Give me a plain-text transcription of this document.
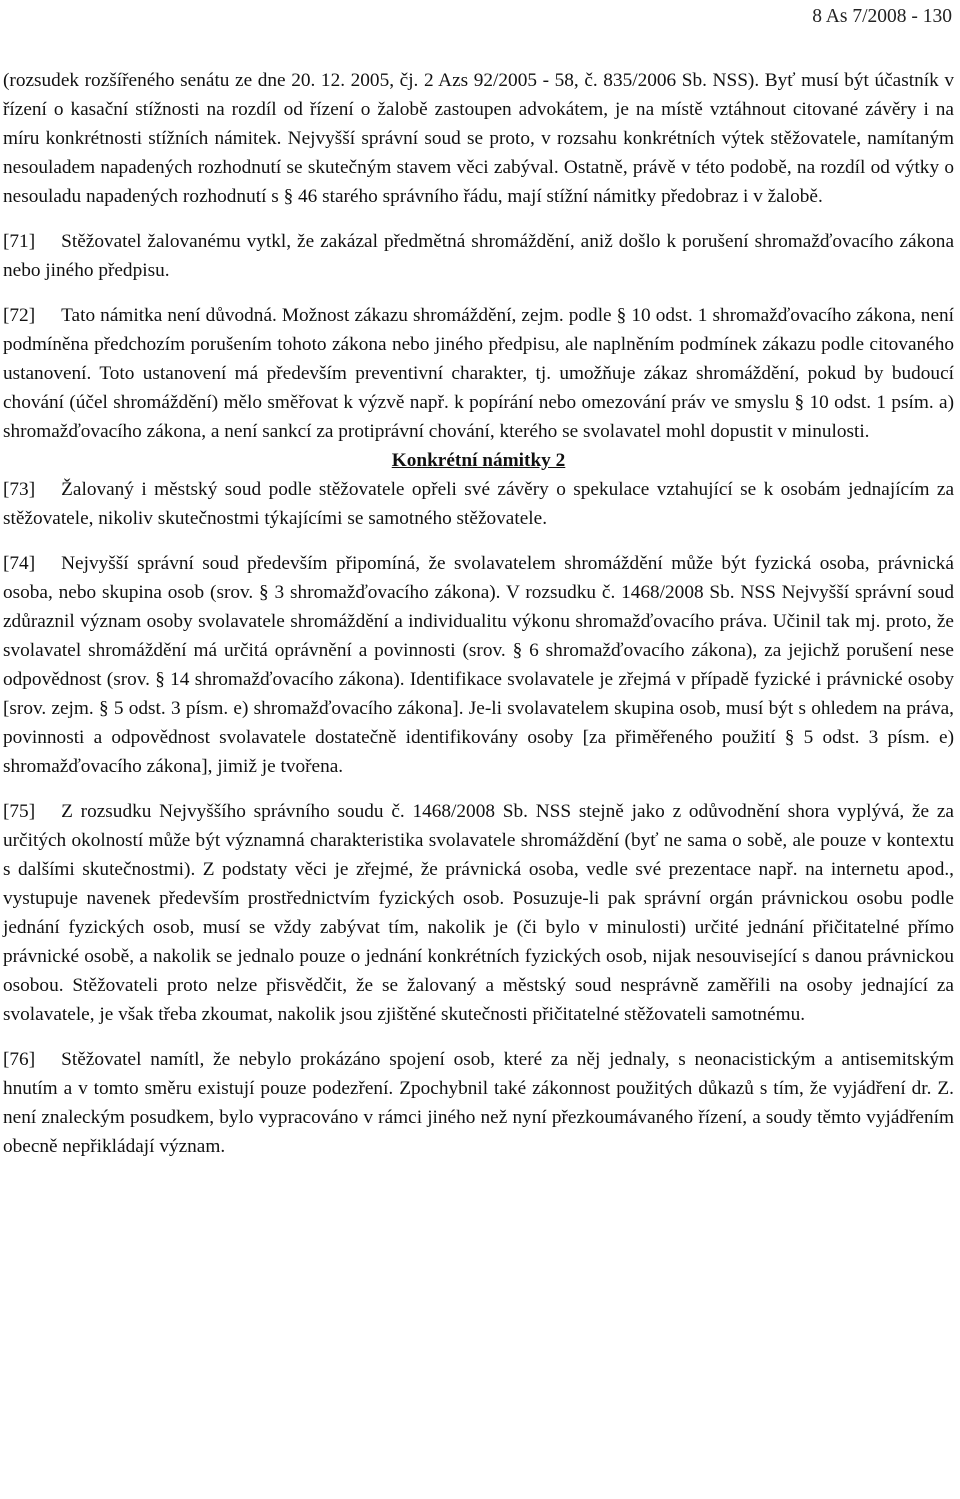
8 As 7/2008 - 130

(rozsudek rozšířeného senátu ze dne 20. 12. 2005, čj. 2 Azs 92/2005 - 58, č. 835/2006 Sb. NSS). Byť musí být účastník v řízení o kasační stížnosti na rozdíl od řízení o žalobě zastoupen advokátem, je na místě vztáhnout citované závěry i na míru konkrétnosti stížních námitek. Nejvyšší správní soud se proto, v rozsahu konkrétních výtek stěžovatele, namítaným nesouladem napadených rozhodnutí se skutečným stavem věci zabýval. Ostatně, právě v této podobě, na rozdíl od výtky o nesouladu napadených rozhodnutí s § 46 starého správního řádu, mají stížní námitky předobraz i v žalobě.

[71] Stěžovatel žalovanému vytkl, že zakázal předmětná shromáždění, aniž došlo k porušení shromažďovacího zákona nebo jiného předpisu.

[72] Tato námitka není důvodná. Možnost zákazu shromáždění, zejm. podle § 10 odst. 1 shromažďovacího zákona, není podmíněna předchozím porušením tohoto zákona nebo jiného předpisu, ale naplněním podmínek zákazu podle citovaného ustanovení. Toto ustanovení má především preventivní charakter, tj. umožňuje zákaz shromáždění, pokud by budoucí chování (účel shromáždění) mělo směřovat k výzvě např. k popírání nebo omezování práv ve smyslu § 10 odst. 1 psím. a) shromažďovacího zákona, a není sankcí za protiprávní chování, kterého se svolavatel mohl dopustit v minulosti.

Konkrétní námitky 2

[73] Žalovaný i městský soud podle stěžovatele opřeli své závěry o spekulace vztahující se k osobám jednajícím za stěžovatele, nikoliv skutečnostmi týkajícími se samotného stěžovatele.

[74] Nejvyšší správní soud především připomíná, že svolavatelem shromáždění může být fyzická osoba, právnická osoba, nebo skupina osob (srov. § 3 shromažďovacího zákona). V rozsudku č. 1468/2008 Sb. NSS Nejvyšší správní soud zdůraznil význam osoby svolavatele shromáždění a individualitu výkonu shromažďovacího práva. Učinil tak mj. proto, že svolavatel shromáždění má určitá oprávnění a povinnosti (srov. § 6 shromažďovacího zákona), za jejichž porušení nese odpovědnost (srov. § 14 shromažďovacího zákona). Identifikace svolavatele je zřejmá v případě fyzické i právnické osoby [srov. zejm. § 5 odst. 3 písm. e) shromažďovacího zákona]. Je-li svolavatelem skupina osob, musí být s ohledem na práva, povinnosti a odpovědnost svolavatele dostatečně identifikovány osoby [za přiměřeného použití § 5 odst. 3 písm. e) shromažďovacího zákona], jimiž je tvořena.

[75] Z rozsudku Nejvyššího správního soudu č. 1468/2008 Sb. NSS stejně jako z odůvodnění shora vyplývá, že za určitých okolností může být významná charakteristika svolavatele shromáždění (byť ne sama o sobě, ale pouze v kontextu s dalšími skutečnostmi). Z podstaty věci je zřejmé, že právnická osoba, vedle své prezentace např. na internetu apod., vystupuje navenek především prostřednictvím fyzických osob. Posuzuje-li pak správní orgán právnickou osobu podle jednání fyzických osob, musí se vždy zabývat tím, nakolik je (či bylo v minulosti) určité jednání přičitatelné přímo právnické osobě, a nakolik se jednalo pouze o jednání konkrétních fyzických osob, nijak nesouvisející s danou právnickou osobou. Stěžovateli proto nelze přisvědčit, že se žalovaný a městský soud nesprávně zaměřili na osoby jednající za svolavatele, je však třeba zkoumat, nakolik jsou zjištěné skutečnosti přičitatelné stěžovateli samotnému.

[76] Stěžovatel namítl, že nebylo prokázáno spojení osob, které za něj jednaly, s neonacistickým a antisemitským hnutím a v tomto směru existují pouze podezření. Zpochybnil také zákonnost použitých důkazů s tím, že vyjádření dr. Z. není znaleckým posudkem, bylo vypracováno v rámci jiného než nyní přezkoumávaného řízení, a soudy těmto vyjádřením obecně nepřikládají význam.
